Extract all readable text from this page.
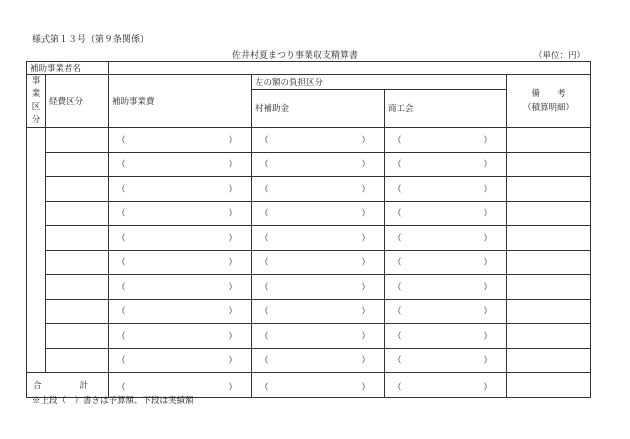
様式第１３号（第９条関係）
佐井村夏まつり事業収支精算書	（単位：円）
補助事業者名					
事
業
区
分	経費区分	補助事業費	左の額の負担区分		備　　考
（積算明細）
			村補助金	商工会	

		（ ）	（ ）	（ ）	

		（ ）	（ ）	（ ）	

		（ ）	（ ）	（ ）	

		（ ）	（ ）	（ ）	

		（ ）	（ ）	（ ）	

		（ ）	（ ）	（ ）	

		（ ）	（ ）	（ ）	

		（ ）	（ ）	（ ）	

		（ ）	（ ）	（ ）	

		（ ）	（ ）	（ ）	

合 計		（ ）	（ ）	（ ）	

※上段（　）書きは予算額、下段は実績額
